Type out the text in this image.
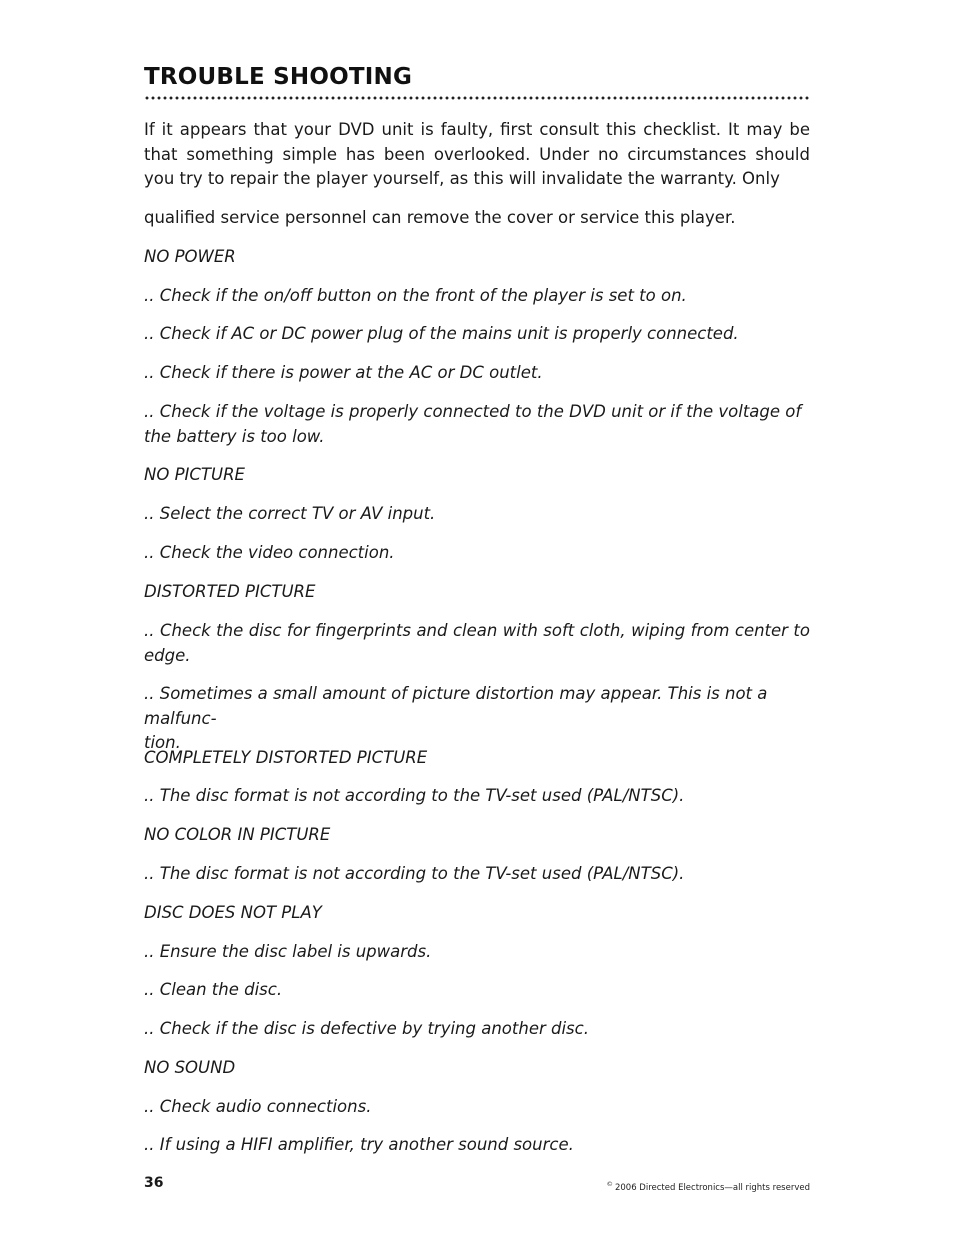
TROUBLE SHOOTING

If it appears that your DVD unit is faulty, first consult this checklist. It may be that something simple has been overlooked. Under no circumstances should you try to repair the player yourself, as this will invalidate the warranty. Only

qualified service personnel can remove the cover or service this player.

NO POWER

.. Check if the on/off button on the front of the player is set to on.

.. Check if AC or DC power plug of the mains unit is properly connected.

.. Check if there is power at the AC or DC outlet.

.. Check if the voltage is properly connected to the DVD unit or if the voltage of
the battery is too low.

NO PICTURE

.. Select the correct TV or AV input.

.. Check the video connection.

DISTORTED PICTURE

.. Check the disc for fingerprints and clean with soft cloth, wiping from center to
edge.

.. Sometimes a small amount of picture distortion may appear. This is not a malfunc-
tion.

COMPLETELY DISTORTED PICTURE

.. The disc format is not according to the TV-set used (PAL/NTSC).

NO COLOR IN PICTURE

.. The disc format is not according to the TV-set used (PAL/NTSC).

DISC DOES NOT PLAY

.. Ensure the disc label is upwards.

.. Clean the disc.

.. Check if the disc is defective by trying another disc.

NO SOUND

.. Check audio connections.

.. If using a HIFI amplifier, try another sound source.

36	© 2006 Directed Electronics—all rights reserved
